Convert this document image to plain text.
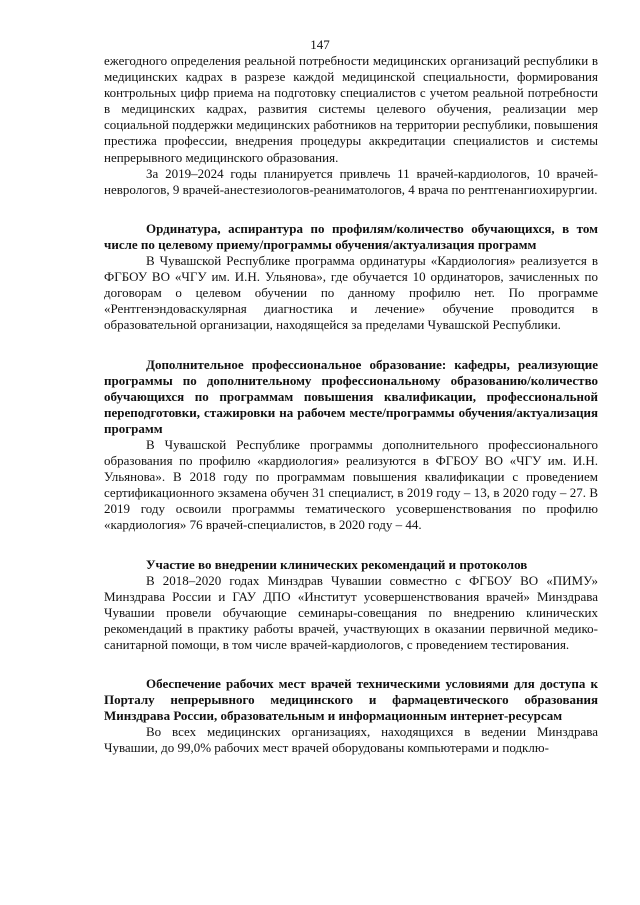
147

ежегодного определения реальной потребности медицинских организаций республики в медицинских кадрах в разрезе каждой медицинской специальности, формирования контрольных цифр приема на подготовку специалистов с учетом реальной потребности в медицинских кадрах, развития системы целевого обучения, реализации мер социальной поддержки медицинских работников на территории республики, повышения престижа профессии, внедрения процедуры аккредитации специалистов и системы непрерывного медицинского образования.

За 2019–2024 годы планируется привлечь 11 врачей-кардиологов, 10 врачей-неврологов, 9 врачей-анестезиологов-реаниматологов, 4 врача по рентгенангиохирургии.

Ординатура, аспирантура по профилям/количество обучающихся, в том числе по целевому приему/программы обучения/актуализация программ

В Чувашской Республике программа ординатуры «Кардиология» реализуется в ФГБОУ ВО «ЧГУ им. И.Н. Ульянова», где обучается 10 ординаторов, зачисленных по договорам о целевом обучении по данному профилю нет. По программе «Рентгенэндоваскулярная диагностика и лечение» обучение проводится в образовательной организации, находящейся за пределами Чувашской Республики.

Дополнительное профессиональное образование: кафедры, реализующие программы по дополнительному профессиональному образованию/количество обучающихся по программам повышения квалификации, профессиональной переподготовки, стажировки на рабочем месте/программы обучения/актуализация программ

В Чувашской Республике программы дополнительного профессионального образования по профилю «кардиология» реализуются в ФГБОУ ВО «ЧГУ им. И.Н. Ульянова». В 2018 году по программам повышения квалификации с проведением сертификационного экзамена обучен 31 специалист, в 2019 году – 13, в 2020 году – 27. В 2019 году освоили программы тематического усовершенствования по профилю «кардиология» 76 врачей-специалистов, в 2020 году – 44.

Участие во внедрении клинических рекомендаций и протоколов

В 2018–2020 годах Минздрав Чувашии совместно с ФГБОУ ВО «ПИМУ» Минздрава России и ГАУ ДПО «Институт усовершенствования врачей» Минздрава Чувашии провели обучающие семинары-совещания по внедрению клинических рекомендаций в практику работы врачей, участвующих в оказании первичной медико-санитарной помощи, в том числе врачей-кардиологов, с проведением тестирования.

Обеспечение рабочих мест врачей техническими условиями для доступа к Порталу непрерывного медицинского и фармацевтического образования Минздрава России, образовательным и информационным интернет-ресурсам

Во всех медицинских организациях, находящихся в ведении Минздрава Чувашии, до 99,0% рабочих мест врачей оборудованы компьютерами и подклю-
